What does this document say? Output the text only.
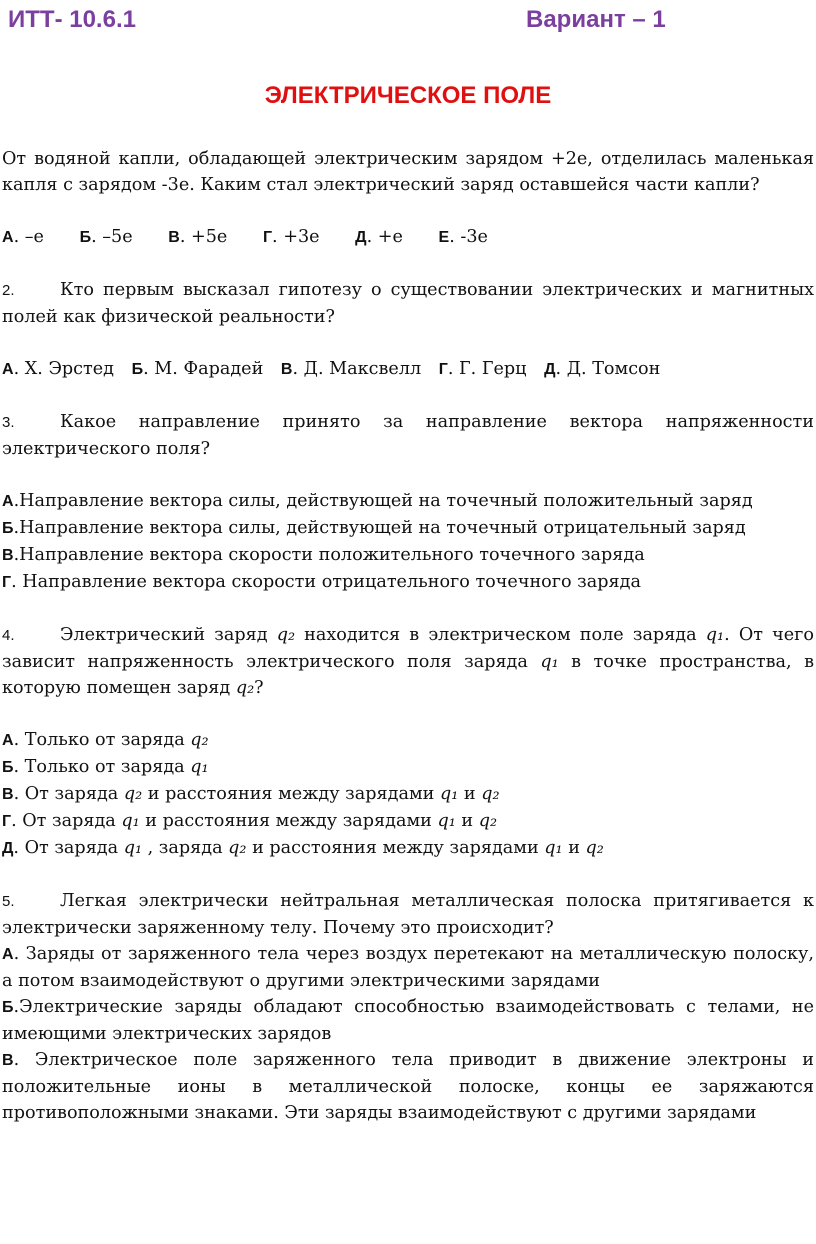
ИТТ- 10.6.1	Вариант – 1
ЭЛЕКТРИЧЕСКОЕ ПОЛЕ

От водяной капли, обладающей электрическим зарядом +2е, отделилась маленькая капля с зарядом -3е. Каким стал электрический заряд оставшейся части капли?

А. –е Б. –5е В. +5е Г. +3е Д. +е Е. -3е

2.	Кто первым высказал гипотезу о существовании электрических и магнитных полей как физической реальности?

А. Х. Эрстед Б. М. Фарадей В. Д. Максвелл Г. Г. Герц Д. Д. Томсон

3.	Какое направление принято за направление вектора напряженности электрического поля?

А.Направление вектора силы, действующей на точечный положительный заряд

Б.Направление вектора силы, действующей на точечный отрицательный заряд

В.Направление вектора скорости положительного точечного заряда

Г. Направление вектора скорости отрицательного точечного заряда

4.	Электрический заряд q₂ находится в электрическом поле заряда q₁. От чего зависит напряженность электрического поля заряда q₁ в точке пространства, в которую помещен заряд q₂?

А. Только от заряда q₂

Б. Только от заряда q₁

В. От заряда q₂ и расстояния между зарядами q₁ и q₂

Г. От заряда q₁ и расстояния между зарядами q₁ и q₂

Д. От заряда q₁ , заряда q₂ и расстояния между зарядами q₁ и q₂

5.	Легкая электрически нейтральная металлическая полоска притягивается к электрически заряженному телу. Почему это происходит?

А. Заряды от заряженного тела через воздух перетекают на металлическую полоску, а потом взаимодействуют о другими электрическими зарядами

Б.Электрические заряды обладают способностью взаимодействовать с телами, не имеющими электрических зарядов

В. Электрическое поле заряженного тела приводит в движение электроны и положительные ионы в металлической полоске, концы ее заряжаются противоположными знаками. Эти заряды взаимодействуют с другими зарядами
